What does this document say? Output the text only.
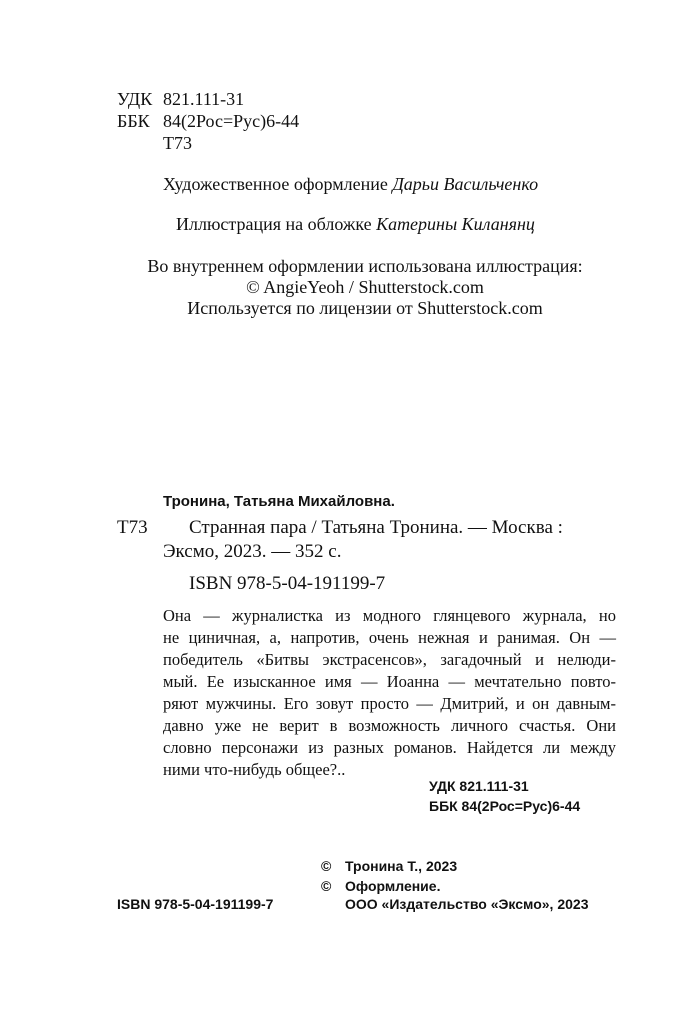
УДК 821.111-31
ББК 84(2Рос=Рус)6-44
Т73
Художественное оформление Дарьи Васильченко
Иллюстрация на обложке Катерины Киланянц
Во внутреннем оформлении использована иллюстрация:
© AngieYeoh / Shutterstock.com
Используется по лицензии от Shutterstock.com
Тронина, Татьяна Михайловна.
Т73 Странная пара / Татьяна Тронина. — Москва :
Эксмо, 2023. — 352 с.
ISBN 978-5-04-191199-7
Она — журналистка из модного глянцевого журнала, но
не циничная, а, напротив, очень нежная и ранимая. Он —
победитель «Битвы экстрасенсов», загадочный и нелюди-
мый. Ее изысканное имя — Иоанна — мечтательно повто-
ряют мужчины. Его зовут просто — Дмитрий, и он давным-
давно уже не верит в возможность личного счастья. Они
словно персонажи из разных романов. Найдется ли между
ними что-нибудь общее?..
УДК 821.111-31
ББК 84(2Рос=Рус)6-44
© Тронина Т., 2023
© Оформление.
ISBN 978-5-04-191199-7	ООО «Издательство «Эксмо», 2023
